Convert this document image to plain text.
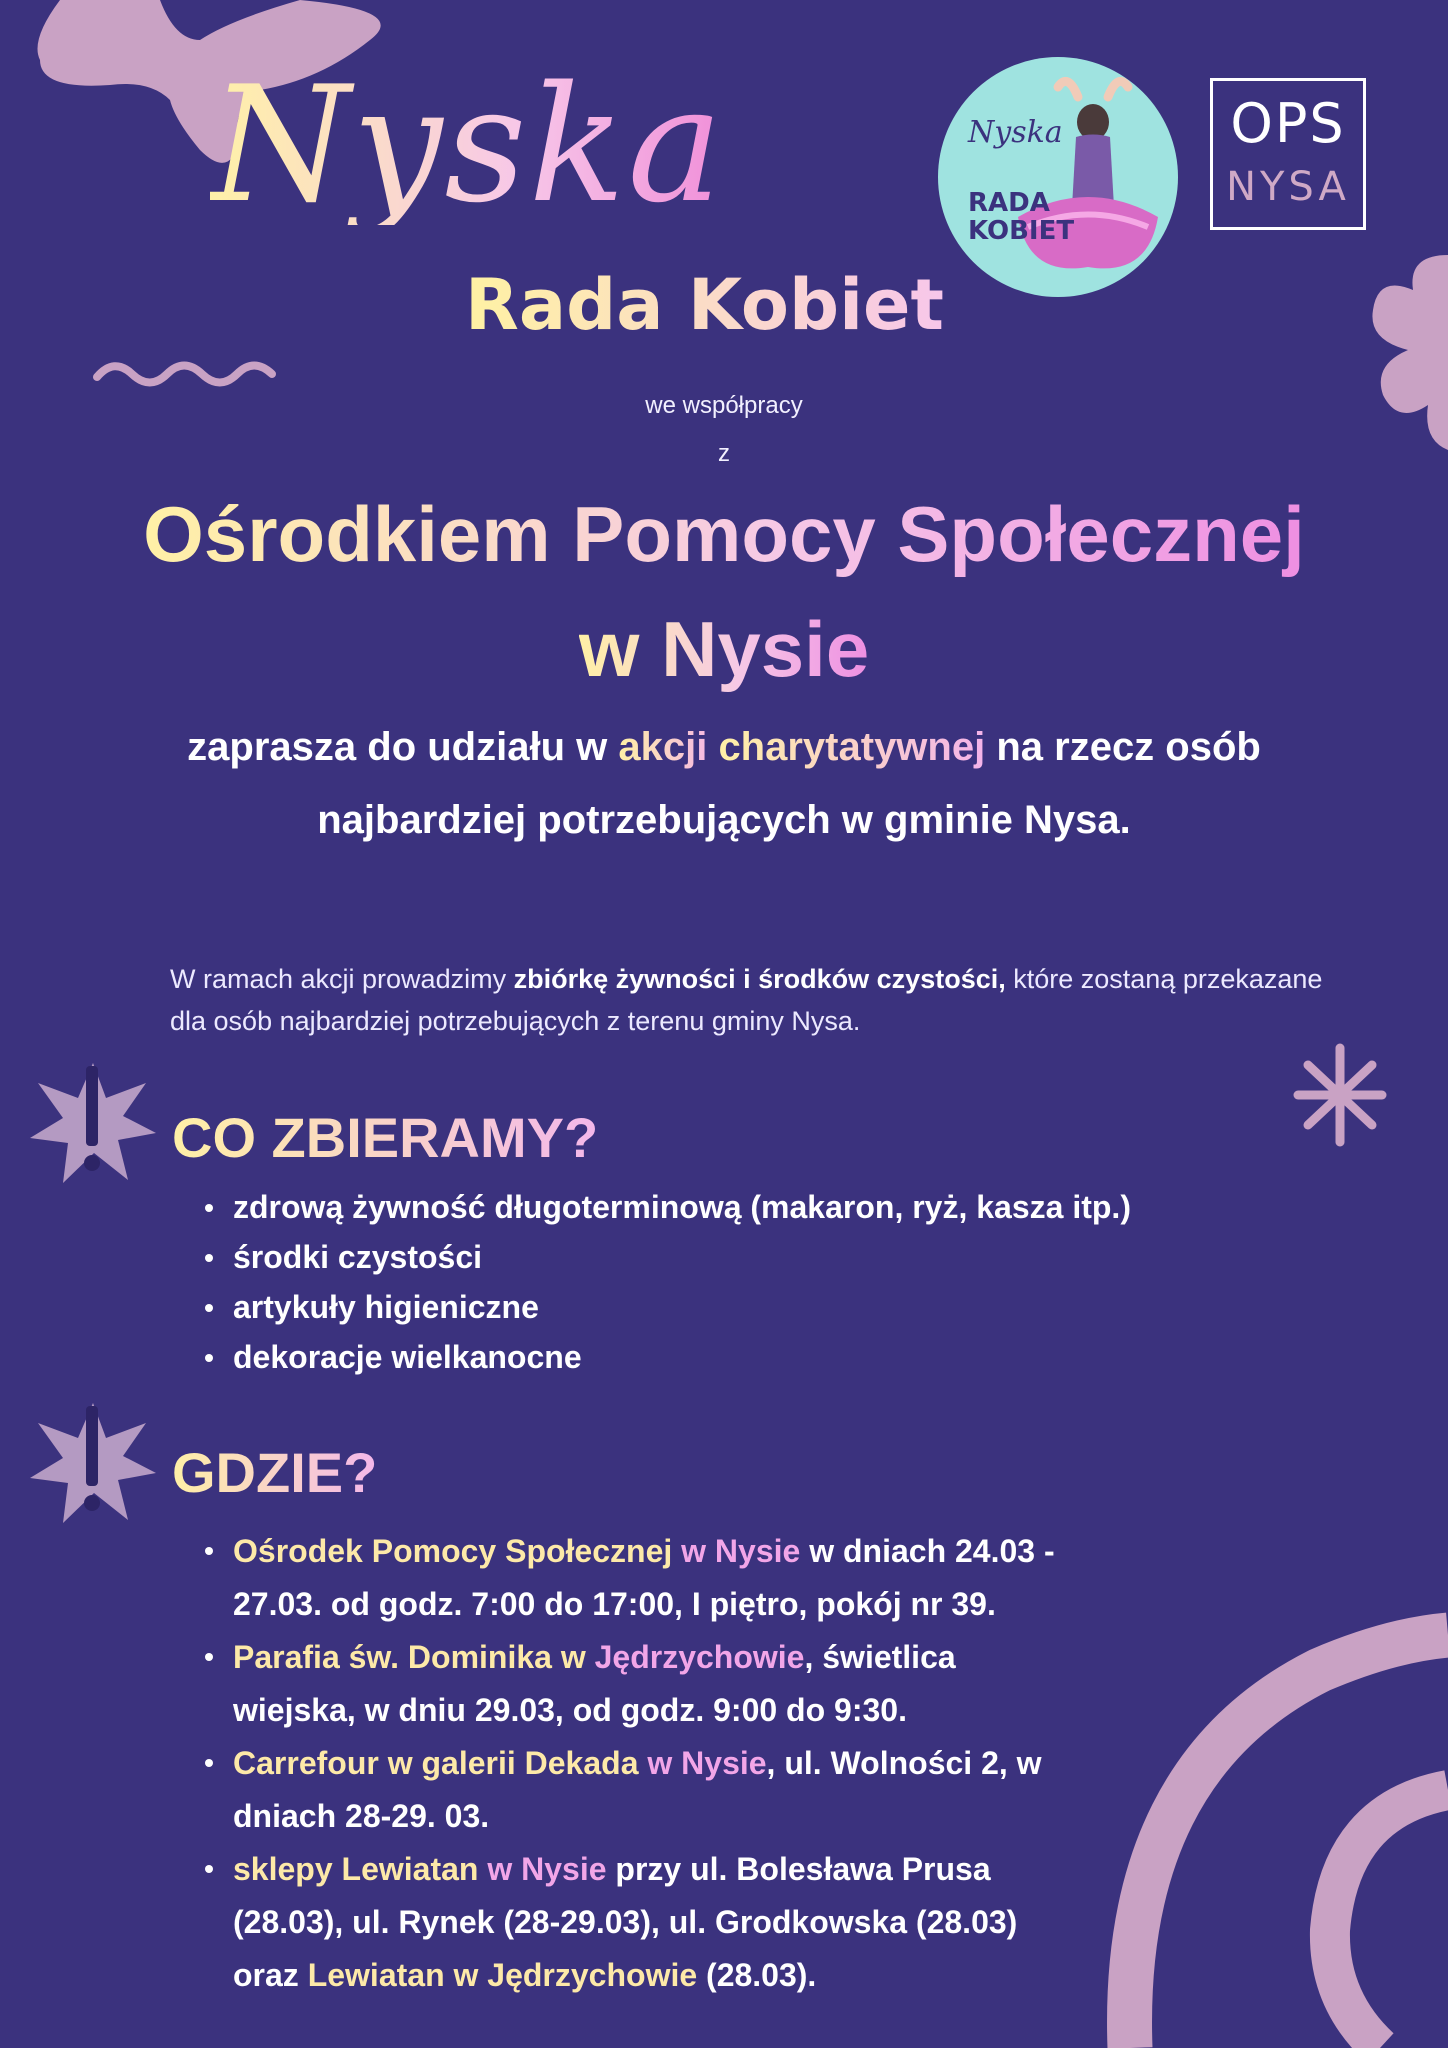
Nyska
Rada Kobiet
Nyska
RADA
KOBIET
OPS
NYSA
we współpracy
z
Ośrodkiem Pomocy Społecznej
w Nysie
zaprasza do udziału w akcji charytatywnej na rzecz osób
najbardziej potrzebujących w gminie Nysa.
W ramach akcji prowadzimy zbiórkę żywności i środków czystości, które zostaną przekazane dla osób najbardziej potrzebujących z terenu gminy Nysa.
CO ZBIERAMY?
zdrową żywność długoterminową (makaron, ryż, kasza itp.)
środki czystości
artykuły higieniczne
dekoracje wielkanocne
GDZIE?
Ośrodek Pomocy Społecznej w Nysie w dniach 24.03 - 27.03. od godz. 7:00 do 17:00, I piętro, pokój nr 39.
Parafia św. Dominika w Jędrzychowie, świetlica wiejska, w dniu 29.03, od godz. 9:00 do 9:30.
Carrefour w galerii Dekada w Nysie, ul. Wolności 2, w dniach 28-29. 03.
sklepy Lewiatan w Nysie przy ul. Bolesława Prusa (28.03), ul. Rynek (28-29.03), ul. Grodkowska (28.03) oraz Lewiatan w Jędrzychowie (28.03).
